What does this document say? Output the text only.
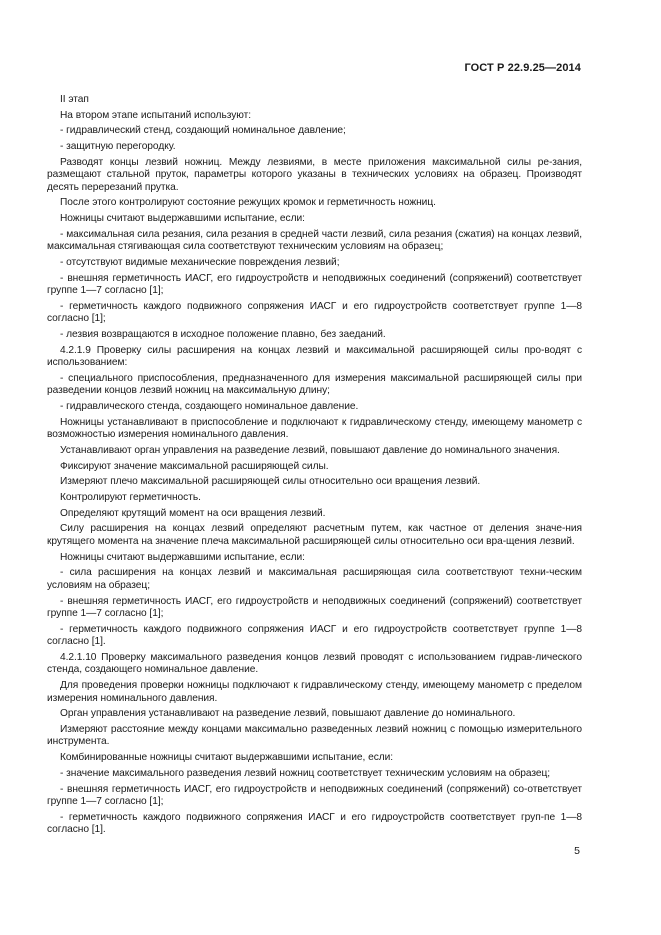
ГОСТ Р 22.9.25—2014

II этап

На втором этапе испытаний используют:

- гидравлический стенд, создающий номинальное давление;

- защитную перегородку.

Разводят концы лезвий ножниц. Между лезвиями, в месте приложения максимальной силы ре-зания, размещают стальной пруток, параметры которого указаны в технических условиях на образец. Производят десять перерезаний прутка.

После этого контролируют состояние режущих кромок и герметичность ножниц.

Ножницы считают выдержавшими испытание, если:

- максимальная сила резания, сила резания в средней части лезвий, сила резания (сжатия) на концах лезвий, максимальная стягивающая сила соответствуют техническим условиям на образец;

- отсутствуют видимые механические повреждения лезвий;

- внешняя герметичность ИАСГ, его гидроустройств и неподвижных соединений (сопряжений) соответствует группе 1—7 согласно [1];

- герметичность каждого подвижного сопряжения ИАСГ и его гидроустройств соответствует группе 1—8 согласно [1];

- лезвия возвращаются в исходное положение плавно, без заеданий.

4.2.1.9 Проверку силы расширения на концах лезвий и максимальной расширяющей силы про-водят с использованием:

- специального приспособления, предназначенного для измерения максимальной расширяющей силы при разведении концов лезвий ножниц на максимальную длину;

- гидравлического стенда, создающего номинальное давление.

Ножницы устанавливают в приспособление и подключают к гидравлическому стенду, имеющему манометр с возможностью измерения номинального давления.

Устанавливают орган управления на разведение лезвий, повышают давление до номинального значения.

Фиксируют значение максимальной расширяющей силы.

Измеряют плечо максимальной расширяющей силы относительно оси вращения лезвий.

Контролируют герметичность.

Определяют крутящий момент на оси вращения лезвий.

Силу расширения на концах лезвий определяют расчетным путем, как частное от деления значе-ния крутящего момента на значение плеча максимальной расширяющей силы относительно оси вра-щения лезвий.

Ножницы считают выдержавшими испытание, если:

- сила расширения на концах лезвий и максимальная расширяющая сила соответствуют техни-ческим условиям на образец;

- внешняя герметичность ИАСГ, его гидроустройств и неподвижных соединений (сопряжений) соответствует группе 1—7 согласно [1];

- герметичность каждого подвижного сопряжения ИАСГ и его гидроустройств соответствует группе 1—8 согласно [1].

4.2.1.10 Проверку максимального разведения концов лезвий проводят с использованием гидрав-лического стенда, создающего номинальное давление.

Для проведения проверки ножницы подключают к гидравлическому стенду, имеющему манометр с пределом измерения номинального давления.

Орган управления устанавливают на разведение лезвий, повышают давление до номинального.

Измеряют расстояние между концами максимально разведенных лезвий ножниц с помощью измерительного инструмента.

Комбинированные ножницы считают выдержавшими испытание, если:

- значение максимального разведения лезвий ножниц соответствует техническим условиям на образец;

- внешняя герметичность ИАСГ, его гидроустройств и неподвижных соединений (сопряжений) со-ответствует группе 1—7 согласно [1];

- герметичность каждого подвижного сопряжения ИАСГ и его гидроустройств соответствует груп-пе 1—8 согласно [1].

5
